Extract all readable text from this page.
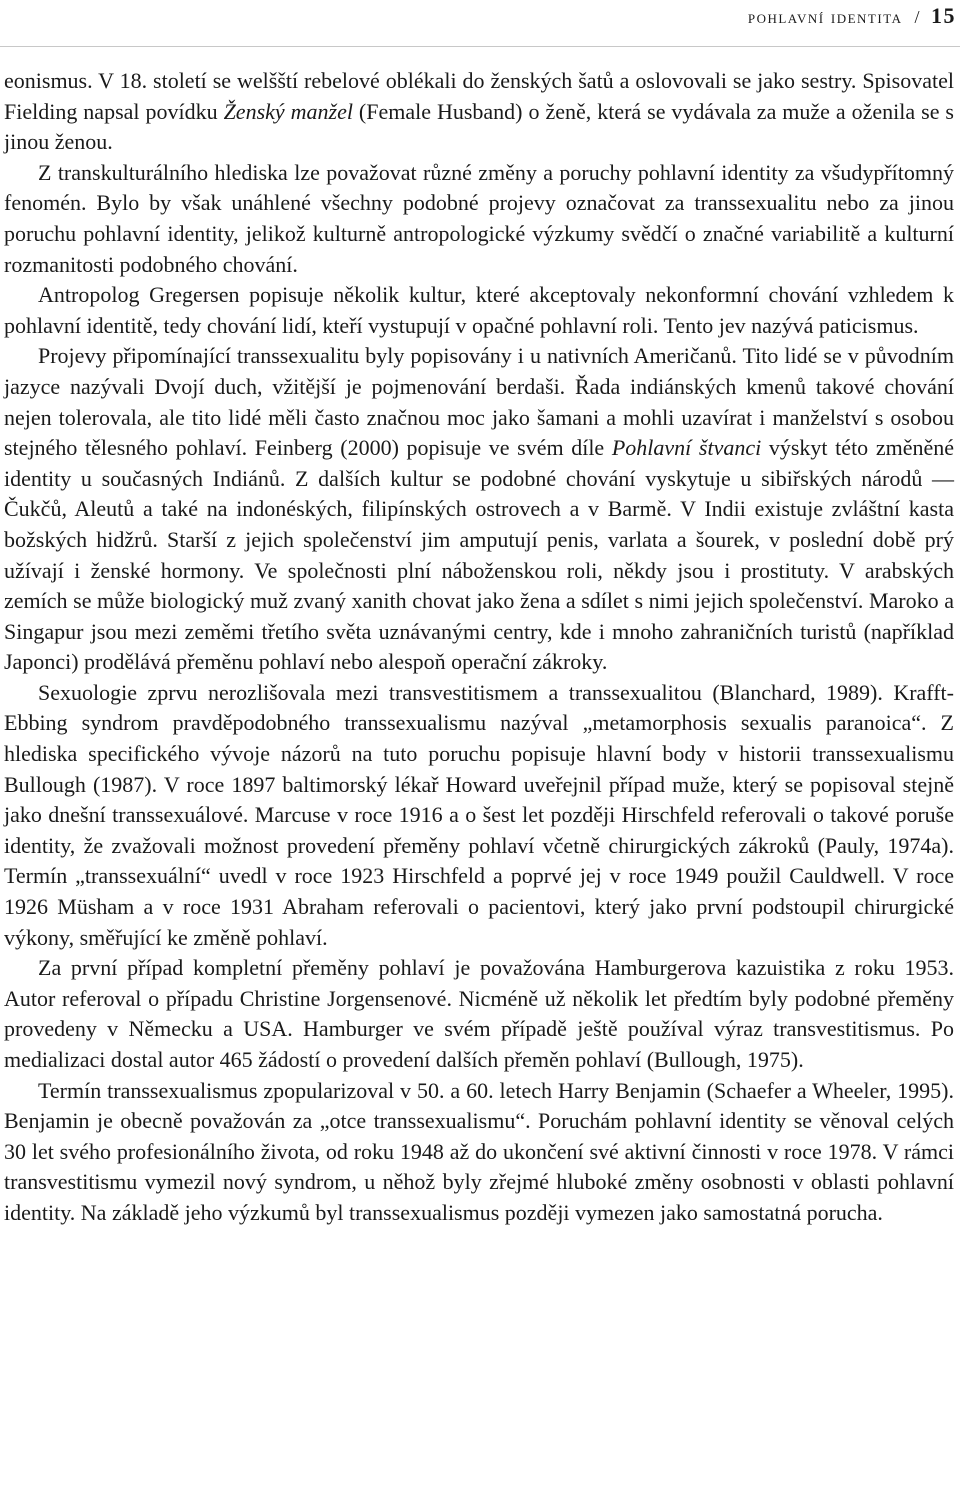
pohlavní identita / 15

eonismus. V 18. století se welšští rebelové oblékali do ženských šatů a oslovovali se jako sestry. Spisovatel Fielding napsal povídku Ženský manžel (Female Husband) o ženě, která se vydávala za muže a oženila se s jinou ženou.

Z transkulturálního hlediska lze považovat různé změny a poruchy pohlavní identity za všudypřítomný fenomén. Bylo by však unáhlené všechny podobné projevy označovat za transsexualitu nebo za jinou poruchu pohlavní identity, jelikož kulturně antropologické výzkumy svědčí o značné variabilitě a kulturní rozmanitosti podobného chování.

Antropolog Gregersen popisuje několik kultur, které akceptovaly nekonformní chování vzhledem k pohlavní identitě, tedy chování lidí, kteří vystupují v opačné pohlavní roli. Tento jev nazývá paticismus.

Projevy připomínající transsexualitu byly popisovány i u nativních Američanů. Tito lidé se v původním jazyce nazývali Dvojí duch, vžitější je pojmenování berdaši. Řada indiánských kmenů takové chování nejen tolerovala, ale tito lidé měli často značnou moc jako šamani a mohli uzavírat i manželství s osobou stejného tělesného pohlaví. Feinberg (2000) popisuje ve svém díle Pohlavní štvanci výskyt této změněné identity u současných Indiánů. Z dalších kultur se podobné chování vyskytuje u sibiřských národů — Čukčů, Aleutů a také na indonéských, filipínských ostrovech a v Barmě. V Indii existuje zvláštní kasta božských hidžrů. Starší z jejich společenství jim amputují penis, varlata a šourek, v poslední době prý užívají i ženské hormony. Ve společnosti plní náboženskou roli, někdy jsou i prostituty. V arabských zemích se může biologický muž zvaný xanith chovat jako žena a sdílet s nimi jejich společenství. Maroko a Singapur jsou mezi zeměmi třetího světa uznávanými centry, kde i mnoho zahraničních turistů (například Japonci) prodělává přeměnu pohlaví nebo alespoň operační zákroky.

Sexuologie zprvu nerozlišovala mezi transvestitismem a transsexualitou (Blanchard, 1989). Krafft-Ebbing syndrom pravděpodobného transsexualismu nazýval „metamorphosis sexualis paranoica“. Z hlediska specifického vývoje názorů na tuto poruchu popisuje hlavní body v historii transsexualismu Bullough (1987). V roce 1897 baltimorský lékař Howard uveřejnil případ muže, který se popisoval stejně jako dnešní transsexuálové. Marcuse v roce 1916 a o šest let později Hirschfeld referovali o takové poruše identity, že zvažovali možnost provedení přeměny pohlaví včetně chirurgických zákroků (Pauly, 1974a). Termín „transsexuální“ uvedl v roce 1923 Hirschfeld a poprvé jej v roce 1949 použil Cauldwell. V roce 1926 Müsham a v roce 1931 Abraham referovali o pacientovi, který jako první podstoupil chirurgické výkony, směřující ke změně pohlaví.

Za první případ kompletní přeměny pohlaví je považována Hamburgerova kazuistika z roku 1953. Autor referoval o případu Christine Jorgensenové. Nicméně už několik let předtím byly podobné přeměny provedeny v Německu a USA. Hamburger ve svém případě ještě používal výraz transvestitismus. Po medializaci dostal autor 465 žádostí o provedení dalších přeměn pohlaví (Bullough, 1975).

Termín transsexualismus zpopularizoval v 50. a 60. letech Harry Benjamin (Schaefer a Wheeler, 1995). Benjamin je obecně považován za „otce transsexualismu“. Poruchám pohlavní identity se věnoval celých 30 let svého profesionálního života, od roku 1948 až do ukončení své aktivní činnosti v roce 1978. V rámci transvestitismu vymezil nový syndrom, u něhož byly zřejmé hluboké změny osobnosti v oblasti pohlavní identity. Na základě jeho výzkumů byl transsexualismus později vymezen jako samostatná porucha.
